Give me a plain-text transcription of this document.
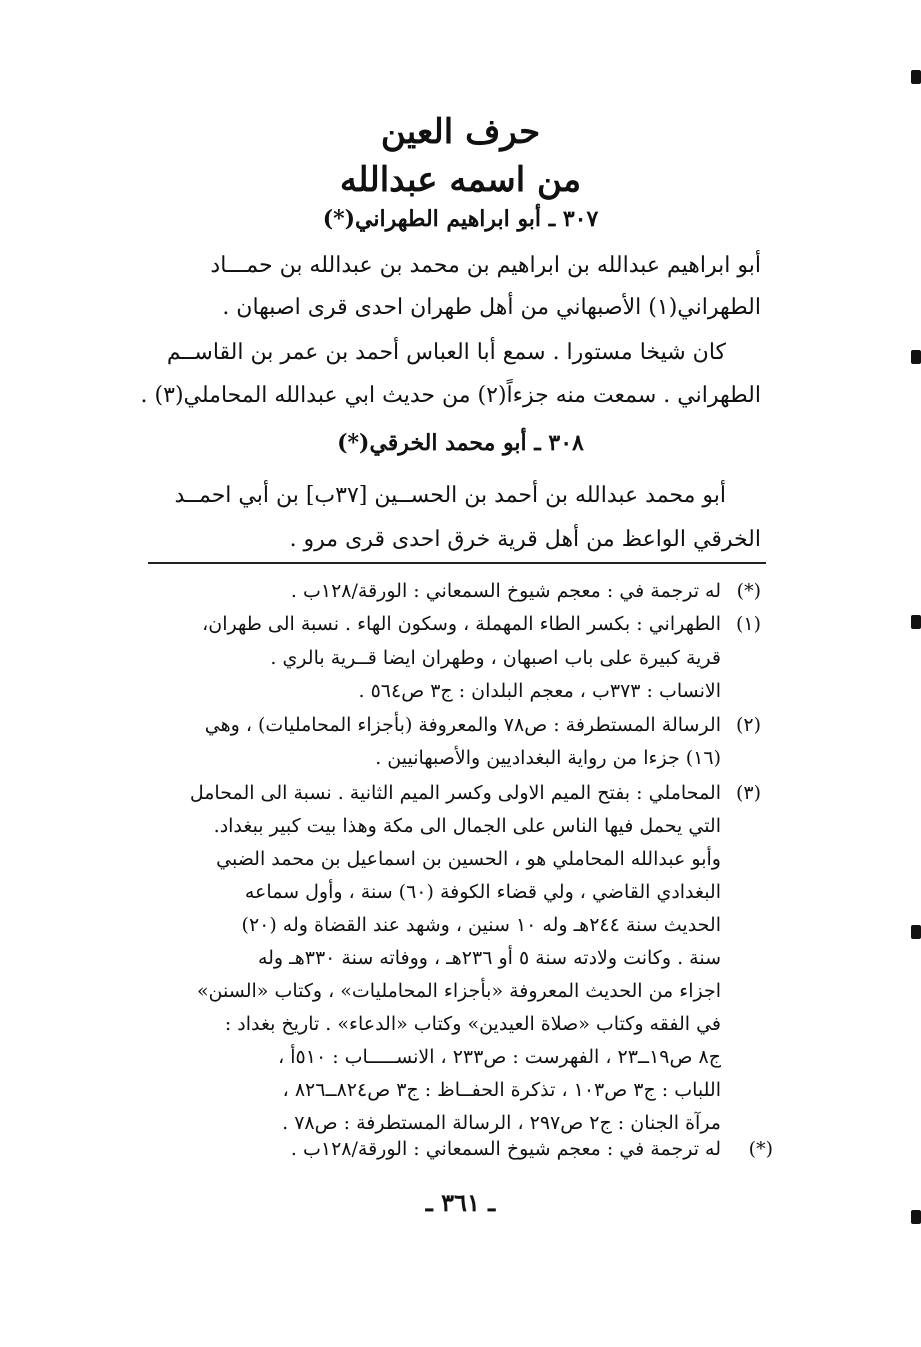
حرف العين
من اسمه عبدالله
٣٠٧ ـ أبو ابراهيم الطهراني(*)
أبو ابراهيم عبدالله بن ابراهيم بن محمد بن عبدالله بن حمـــاد
الطهراني(١) الأصبهاني من أهل طهران احدى قرى اصبهان .
كان شيخا مستورا . سمع أبا العباس أحمد بن عمر بن القاســم
الطهراني . سمعت منه جزءاً(٢) من حديث ابي عبدالله المحاملي(٣) .
٣٠٨ ـ أبو محمد الخرقي(*)
أبو محمد عبدالله بن أحمد بن الحســين [٣٧ب] بن أبي احمــد
الخرقي الواعظ من أهل قرية خرق احدى قرى مرو .
(*)
له ترجمة في : معجم شيوخ السمعاني : الورقة/١٢٨ب .
(١)
الطهراني : بكسر الطاء المهملة ، وسكون الهاء . نسبة الى طهران،
قرية كبيرة على باب اصبهان ، وطهران ايضا قــرية بالري .
الانساب : ٣٧٣ب ، معجم البلدان : ج٣ ص٥٦٤ .
(٢)
الرسالة المستطرفة : ص٧٨ والمعروفة (بأجزاء المحامليات) ، وهي
(١٦) جزءا من رواية البغداديين والأصبهانيين .
(٣)
المحاملي : بفتح الميم الاولى وكسر الميم الثانية . نسبة الى المحامل
التي يحمل فيها الناس على الجمال الى مكة وهذا بيت كبير ببغداد.
وأبو عبدالله المحاملي هو ، الحسين بن اسماعيل بن محمد الضبي
البغدادي القاضي ، ولي قضاء الكوفة (٦٠) سنة ، وأول سماعه
الحديث سنة ٢٤٤هـ وله ١٠ سنين ، وشهد عند القضاة وله (٢٠)
سنة . وكانت ولادته سنة ٥ أو ٢٣٦هـ ، ووفاته سنة ٣٣٠هـ وله
اجزاء من الحديث المعروفة «بأجزاء المحامليات» ، وكتاب «السنن»
في الفقه وكتاب «صلاة العيدين» وكتاب «الدعاء» . تاريخ بغداد :
ج٨ ص١٩ــ٢٣ ، الفهرست : ص٢٣٣ ، الانســـــاب : ٥١٠أ ،
اللباب : ج٣ ص١٠٣ ، تذكرة الحفــاظ : ج٣ ص٨٢٤ــ٨٢٦ ،
مرآة الجنان : ج٢ ص٢٩٧ ، الرسالة المستطرفة : ص٧٨ .
(*)
له ترجمة في : معجم شيوخ السمعاني : الورقة/١٢٨ب .
ـ ٣٦١ ـ
